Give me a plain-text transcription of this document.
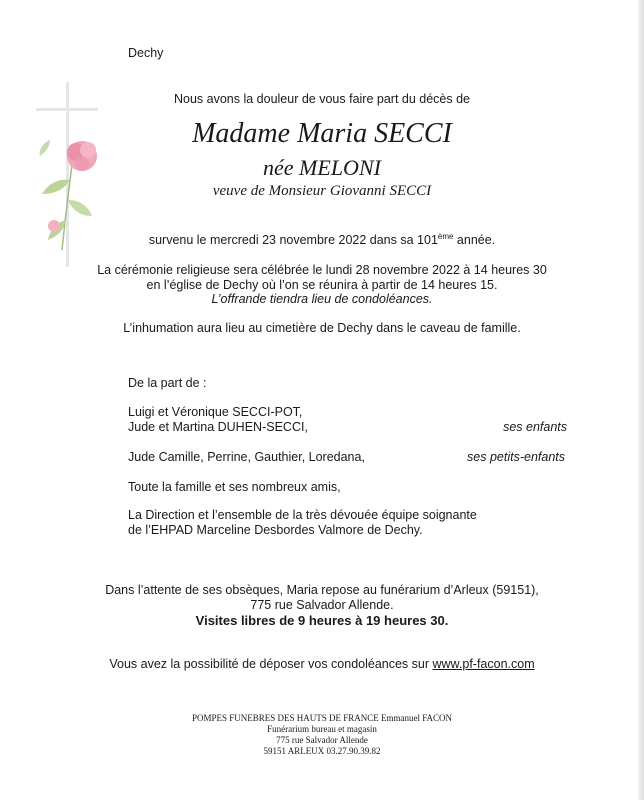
Dechy
Nous avons la douleur de vous faire part du décès de
Madame Maria SECCI
née MELONI
veuve de Monsieur Giovanni SECCI
survenu le mercredi 23 novembre 2022 dans sa 101ème année.
La cérémonie religieuse sera célébrée le lundi 28 novembre 2022 à 14 heures 30
en l’église de Dechy où l’on se réunira à partir de 14 heures 15.
L’offrande tiendra lieu de condoléances.
L’inhumation aura lieu au cimetière de Dechy dans le caveau de famille.
De la part de :
Luigi et Véronique SECCI-POT,
Jude et Martina DUHEN-SECCI,	ses enfants
Jude Camille, Perrine, Gauthier, Loredana,	ses petits-enfants
Toute la famille et ses nombreux amis,
La Direction et l’ensemble de la très dévouée équipe soignante
de l’EHPAD Marceline Desbordes Valmore de Dechy.
Dans l’attente de ses obsèques, Maria repose au funérarium d’Arleux (59151),
775 rue Salvador Allende.
Visites libres de 9 heures à 19 heures 30.
Vous avez la possibilité de déposer vos condoléances sur www.pf-facon.com
POMPES FUNEBRES DES HAUTS DE FRANCE Emmanuel FACON
Funérarium bureau et magasin
775 rue Salvador Allende
59151 ARLEUX 03.27.90.39.82
